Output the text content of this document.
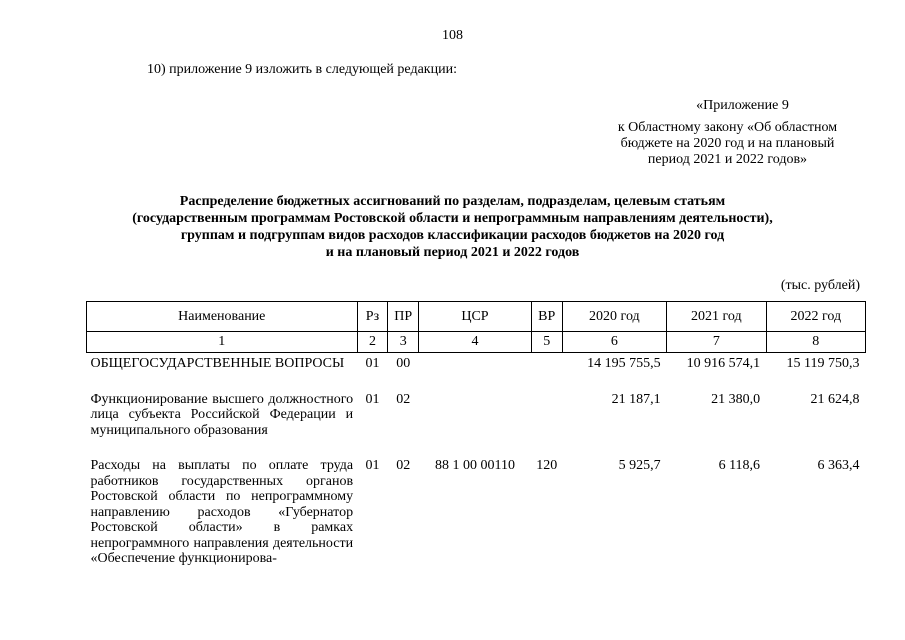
108
10) приложение 9 изложить в следующей редакции:
«Приложение 9
к Областному закону «Об областном бюджете на 2020 год и на плановый период 2021 и 2022 годов»
Распределение бюджетных ассигнований по разделам, подразделам, целевым статьям
(государственным программам Ростовской области и непрограммным направлениям деятельности),
группам и подгруппам видов расходов классификации расходов бюджетов на 2020 год
и на плановый период 2021 и 2022 годов
(тыс. рублей)
Наименование	Рз	ПР	ЦСР	ВР	2020 год	2021 год	2022 год
1	2	3	4	5	6	7	8
ОБЩЕГОСУДАРСТВЕННЫЕ ВОПРОСЫ	01	00			14 195 755,5	10 916 574,1	15 119 750,3

Функционирование высшего должностного лица субъекта Российской Федерации и муниципального образования	01	02			21 187,1	21 380,0	21 624,8

Расходы на выплаты по оплате труда работников государственных органов Ростовской области по непрограммному направлению расходов «Губернатор Ростовской области» в рамках непрограммного направления деятельности «Обеспечение функционирова-	01	02	88 1 00 00110	120	5 925,7	6 118,6	6 363,4
